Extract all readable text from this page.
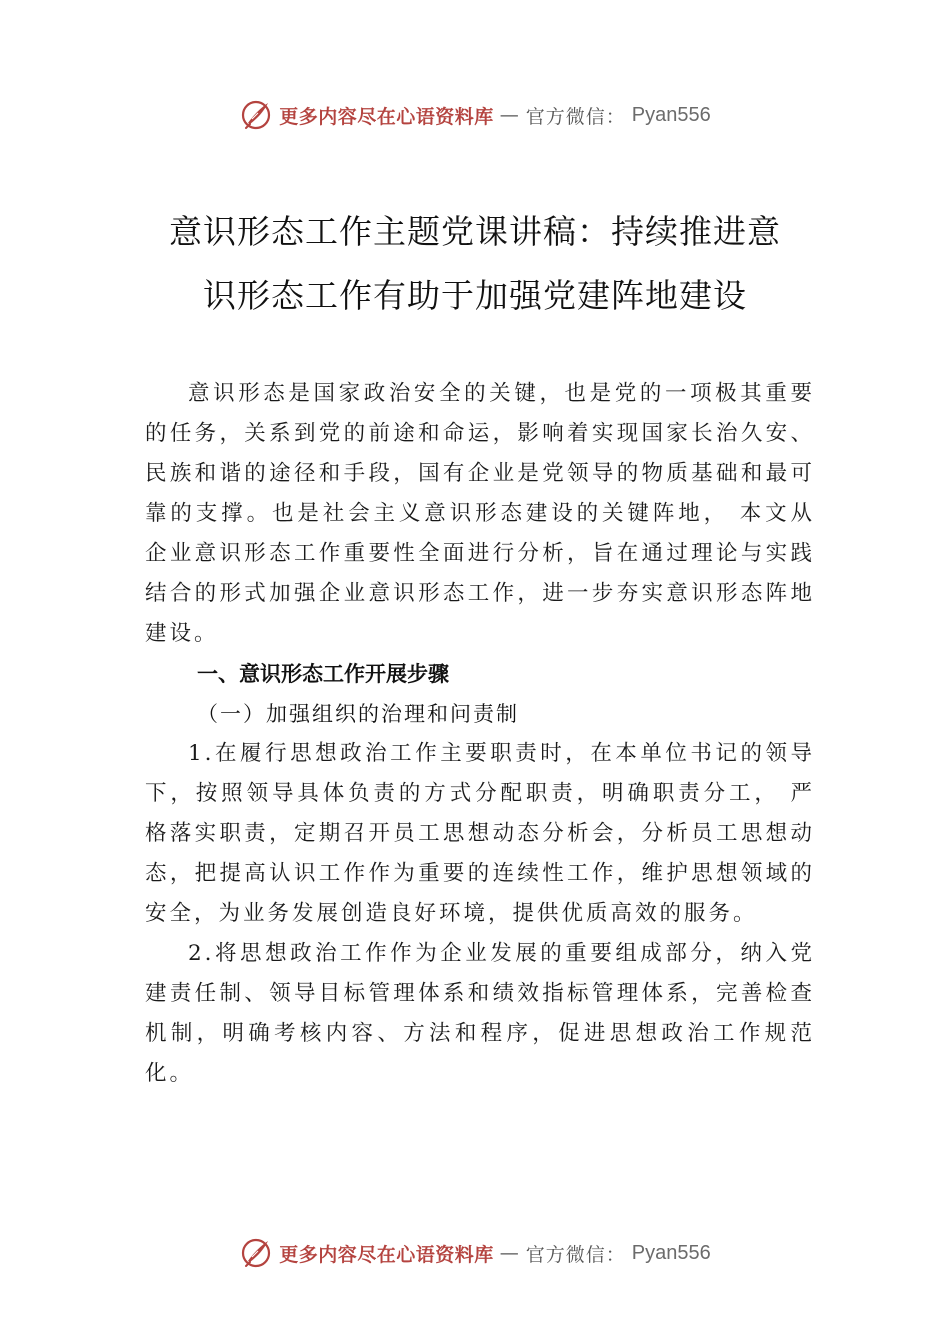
更多内容尽在心语资料库 — 官方微信： Pyan556
意识形态工作主题党课讲稿：持续推进意
识形态工作有助于加强党建阵地建设

意识形态是国家政治安全的关键，也是党的一项极其重要的任务，关系到党的前途和命运，影响着实现国家长治久安、民族和谐的途径和手段，国有企业是党领导的物质基础和最可靠的支撑。也是社会主义意识形态建设的关键阵地， 本文从企业意识形态工作重要性全面进行分析，旨在通过理论与实践结合的形式加强企业意识形态工作，进一步夯实意识形态阵地建设。

一、意识形态工作开展步骤
（一）加强组织的治理和问责制

1.在履行思想政治工作主要职责时，在本单位书记的领导下，按照领导具体负责的方式分配职责，明确职责分工， 严格落实职责，定期召开员工思想动态分析会，分析员工思想动态，把提高认识工作作为重要的连续性工作，维护思想领域的安全，为业务发展创造良好环境，提供优质高效的服务。

2.将思想政治工作作为企业发展的重要组成部分，纳入党建责任制、领导目标管理体系和绩效指标管理体系，完善检查机制，明确考核内容、方法和程序，促进思想政治工作规范化。

更多内容尽在心语资料库 — 官方微信： Pyan556
